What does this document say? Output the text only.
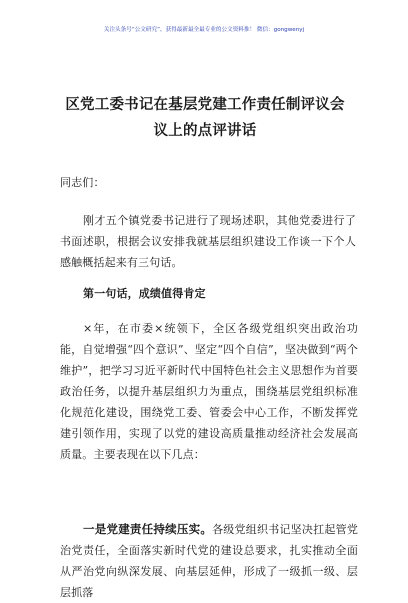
关注头条号“公文研究”，获得最新最全最专业的公文资料推！ 微信：gongwenyj
区党工委书记在基层党建工作责任制评议会议上的点评讲话
同志们：
刚才五个镇党委书记进行了现场述职，其他党委进行了书面述职，根据会议安排我就基层组织建设工作谈一下个人感触概括起来有三句话。
第一句话，成绩值得肯定
×年，在市委×统领下，全区各级党组织突出政治功能，自觉增强“四个意识”、坚定“四个自信”，坚决做到“两个维护”，把学习习近平新时代中国特色社会主义思想作为首要政治任务，以提升基层组织力为重点，围绕基层党组织标准化规范化建设，围绕党工委、管委会中心工作，不断发挥党建引领作用，实现了以党的建设高质量推动经济社会发展高质量。主要表现在以下几点：
一是党建责任持续压实。各级党组织书记坚决扛起管党治党责任，全面落实新时代党的建设总要求，扎实推动全面从严治党向纵深发展、向基层延伸，形成了一级抓一级、层层抓落
